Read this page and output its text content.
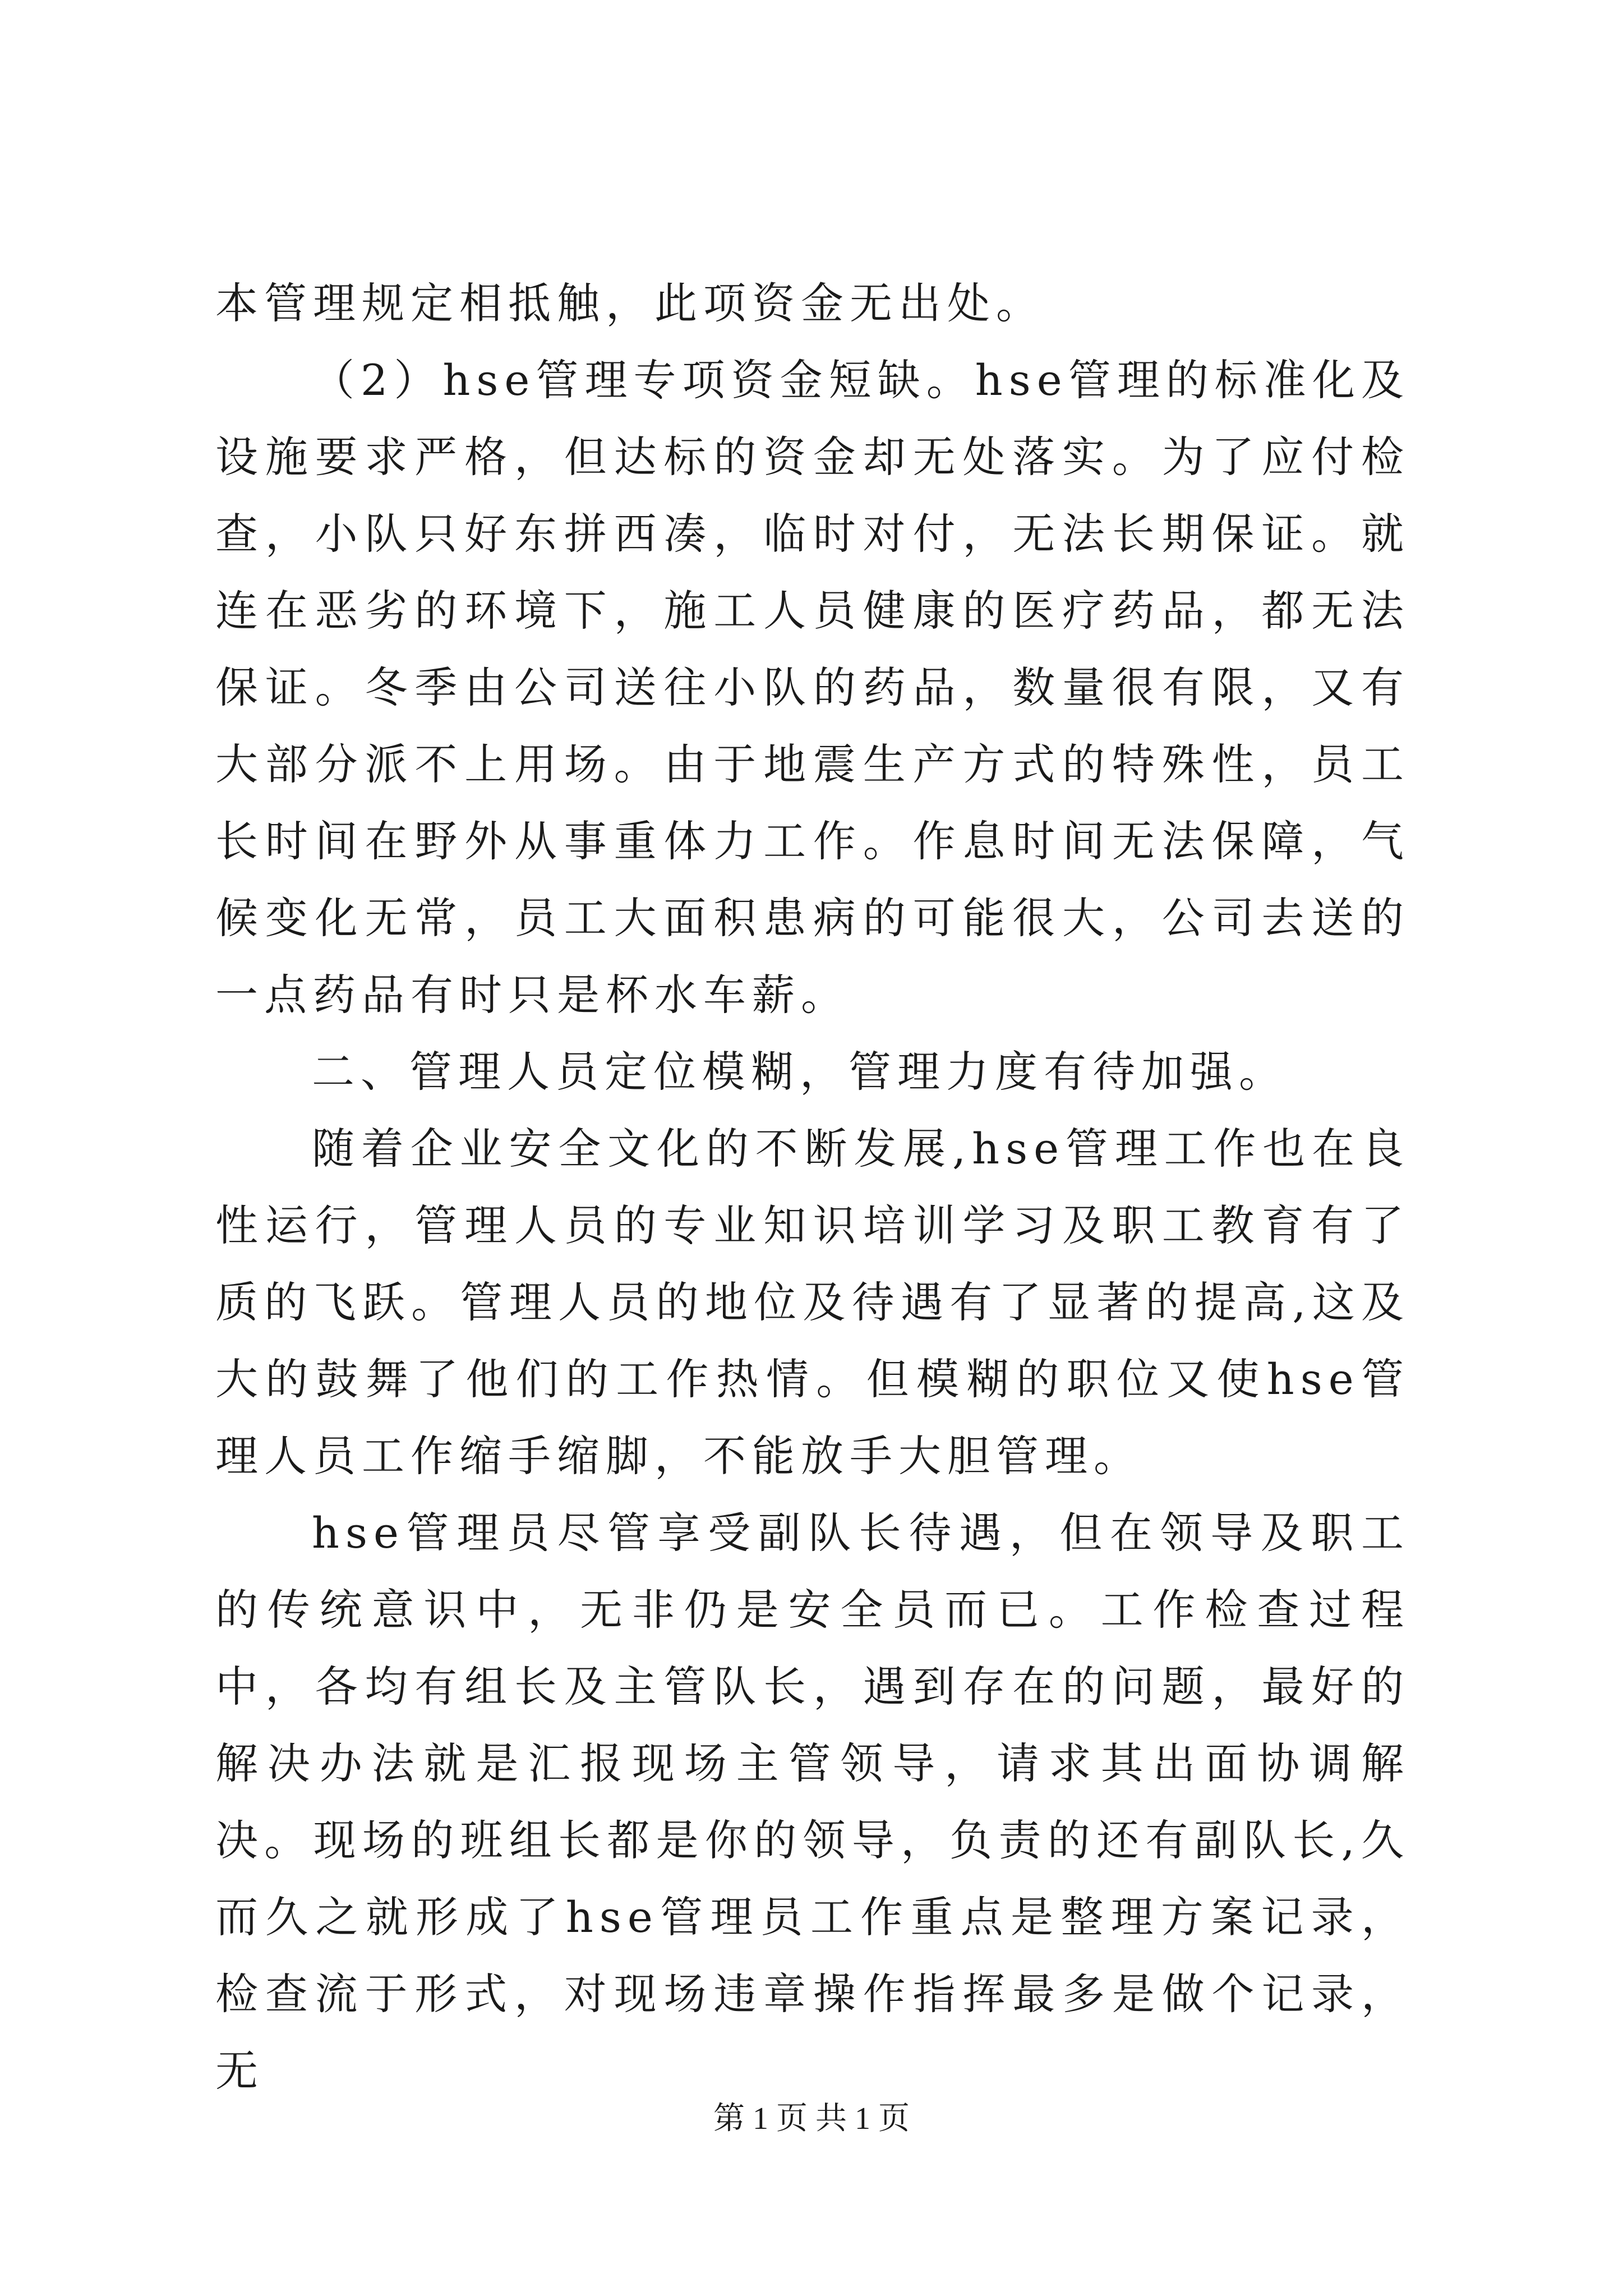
本管理规定相抵触，此项资金无出处。

（2）hse管理专项资金短缺。hse管理的标准化及设施要求严格，但达标的资金却无处落实。为了应付检查，小队只好东拼西凑，临时对付，无法长期保证。就连在恶劣的环境下，施工人员健康的医疗药品，都无法保证。冬季由公司送往小队的药品，数量很有限，又有大部分派不上用场。由于地震生产方式的特殊性，员工长时间在野外从事重体力工作。作息时间无法保障，气候变化无常，员工大面积患病的可能很大，公司去送的一点药品有时只是杯水车薪。

二、管理人员定位模糊，管理力度有待加强。

随着企业安全文化的不断发展,hse管理工作也在良性运行，管理人员的专业知识培训学习及职工教育有了质的飞跃。管理人员的地位及待遇有了显著的提高,这及大的鼓舞了他们的工作热情。但模糊的职位又使hse管理人员工作缩手缩脚，不能放手大胆管理。

hse管理员尽管享受副队长待遇，但在领导及职工的传统意识中，无非仍是安全员而已。工作检查过程中，各均有组长及主管队长，遇到存在的问题，最好的解决办法就是汇报现场主管领导，请求其出面协调解决。现场的班组长都是你的领导，负责的还有副队长,久而久之就形成了hse管理员工作重点是整理方案记录，检查流于形式，对现场违章操作指挥最多是做个记录，无

第 1 页 共 1 页
